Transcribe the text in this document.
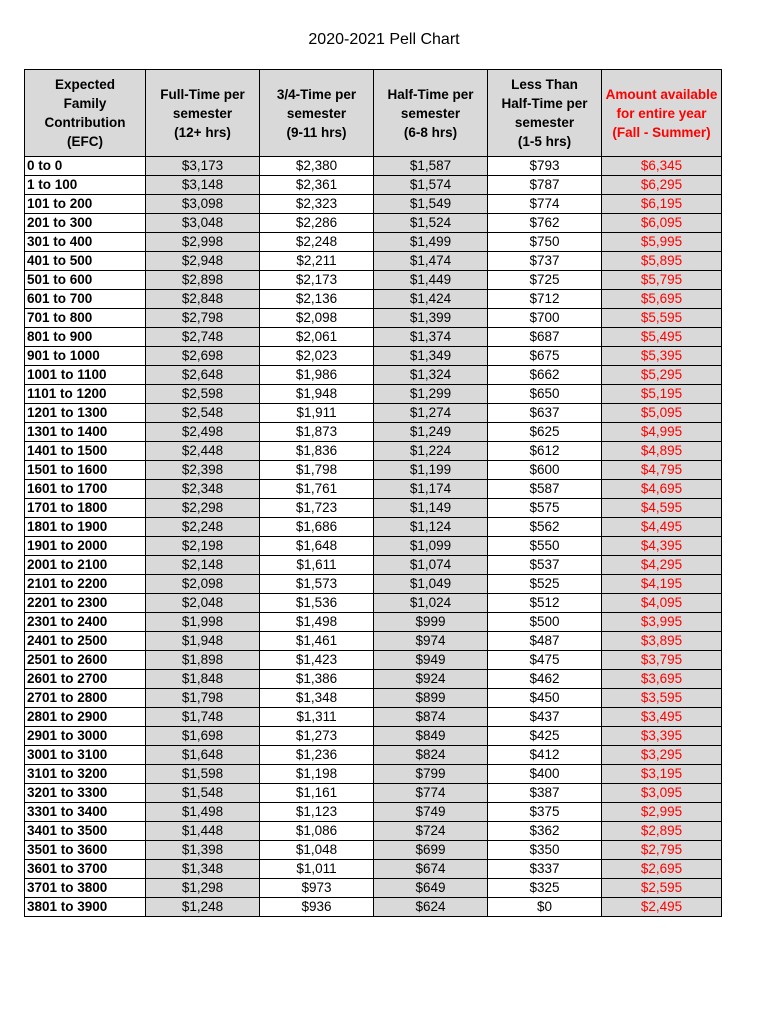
2020-2021 Pell Chart
Expected
Family
Contribution
(EFC)	Full-Time per
semester
(12+ hrs)	3/4-Time per
semester
(9-11 hrs)	Half-Time per
semester
(6-8 hrs)	Less Than
Half-Time per
semester
(1-5 hrs)	Amount available
for entire year
(Fall - Summer)

0 to 0	$3,173	$2,380	$1,587	$793	$6,345
1 to 100	$3,148	$2,361	$1,574	$787	$6,295
101 to 200	$3,098	$2,323	$1,549	$774	$6,195
201 to 300	$3,048	$2,286	$1,524	$762	$6,095
301 to 400	$2,998	$2,248	$1,499	$750	$5,995
401 to 500	$2,948	$2,211	$1,474	$737	$5,895
501 to 600	$2,898	$2,173	$1,449	$725	$5,795
601 to 700	$2,848	$2,136	$1,424	$712	$5,695
701 to 800	$2,798	$2,098	$1,399	$700	$5,595
801 to 900	$2,748	$2,061	$1,374	$687	$5,495
901 to 1000	$2,698	$2,023	$1,349	$675	$5,395
1001 to 1100	$2,648	$1,986	$1,324	$662	$5,295
1101 to 1200	$2,598	$1,948	$1,299	$650	$5,195
1201 to 1300	$2,548	$1,911	$1,274	$637	$5,095
1301 to 1400	$2,498	$1,873	$1,249	$625	$4,995
1401 to 1500	$2,448	$1,836	$1,224	$612	$4,895
1501 to 1600	$2,398	$1,798	$1,199	$600	$4,795
1601 to 1700	$2,348	$1,761	$1,174	$587	$4,695
1701 to 1800	$2,298	$1,723	$1,149	$575	$4,595
1801 to 1900	$2,248	$1,686	$1,124	$562	$4,495
1901 to 2000	$2,198	$1,648	$1,099	$550	$4,395
2001 to 2100	$2,148	$1,611	$1,074	$537	$4,295
2101 to 2200	$2,098	$1,573	$1,049	$525	$4,195
2201 to 2300	$2,048	$1,536	$1,024	$512	$4,095
2301 to 2400	$1,998	$1,498	$999	$500	$3,995
2401 to 2500	$1,948	$1,461	$974	$487	$3,895
2501 to 2600	$1,898	$1,423	$949	$475	$3,795
2601 to 2700	$1,848	$1,386	$924	$462	$3,695
2701 to 2800	$1,798	$1,348	$899	$450	$3,595
2801 to 2900	$1,748	$1,311	$874	$437	$3,495
2901 to 3000	$1,698	$1,273	$849	$425	$3,395
3001 to 3100	$1,648	$1,236	$824	$412	$3,295
3101 to 3200	$1,598	$1,198	$799	$400	$3,195
3201 to 3300	$1,548	$1,161	$774	$387	$3,095
3301 to 3400	$1,498	$1,123	$749	$375	$2,995
3401 to 3500	$1,448	$1,086	$724	$362	$2,895
3501 to 3600	$1,398	$1,048	$699	$350	$2,795
3601 to 3700	$1,348	$1,011	$674	$337	$2,695
3701 to 3800	$1,298	$973	$649	$325	$2,595
3801 to 3900	$1,248	$936	$624	$0	$2,495
